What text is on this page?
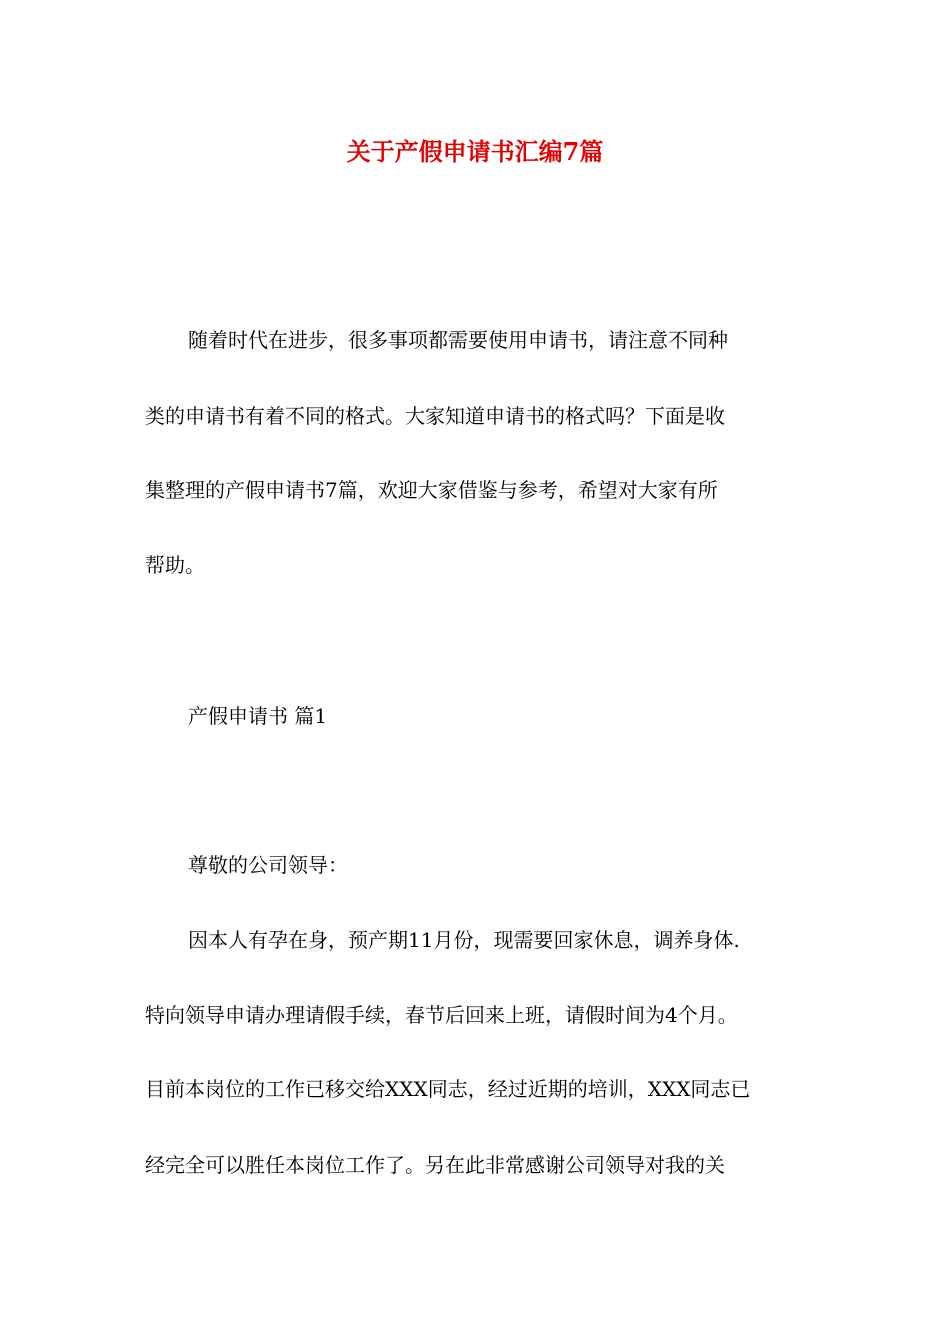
关于产假申请书汇编7篇
随着时代在进步，很多事项都需要使用申请书，请注意不同种
类的申请书有着不同的格式。大家知道申请书的格式吗？下面是收
集整理的产假申请书7篇，欢迎大家借鉴与参考，希望对大家有所
帮助。
产假申请书 篇1
尊敬的公司领导：
因本人有孕在身，预产期11月份，现需要回家休息，调养身体.
特向领导申请办理请假手续，春节后回来上班，请假时间为4个月。
目前本岗位的工作已移交给XXX同志，经过近期的培训，XXX同志已
经完全可以胜任本岗位工作了。另在此非常感谢公司领导对我的关
